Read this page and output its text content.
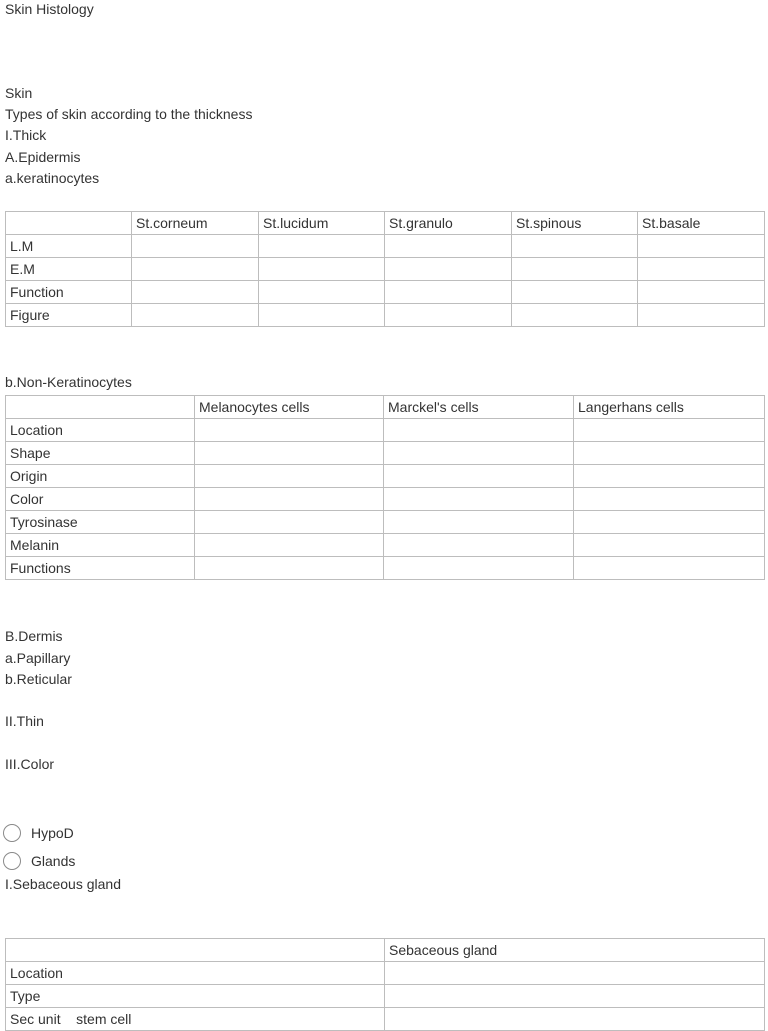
Skin Histology
Skin
Types of skin according to the thickness
I.Thick
A.Epidermis
a.keratinocytes
	St.corneum	St.lucidum	St.granulo	St.spinous	St.basale
L.M					
E.M					
Function					
Figure					
b.Non-Keratinocytes
	Melanocytes cells	Marckel's cells	Langerhans cells
Location			
Shape			
Origin			
Color			
Tyrosinase			
Melanin			
Functions			
B.Dermis
a.Papillary
b.Reticular
II.Thin
III.Color
HypoD
Glands
I.Sebaceous gland
	Sebaceous gland
Location	
Type	
Sec unit    stem cell	
